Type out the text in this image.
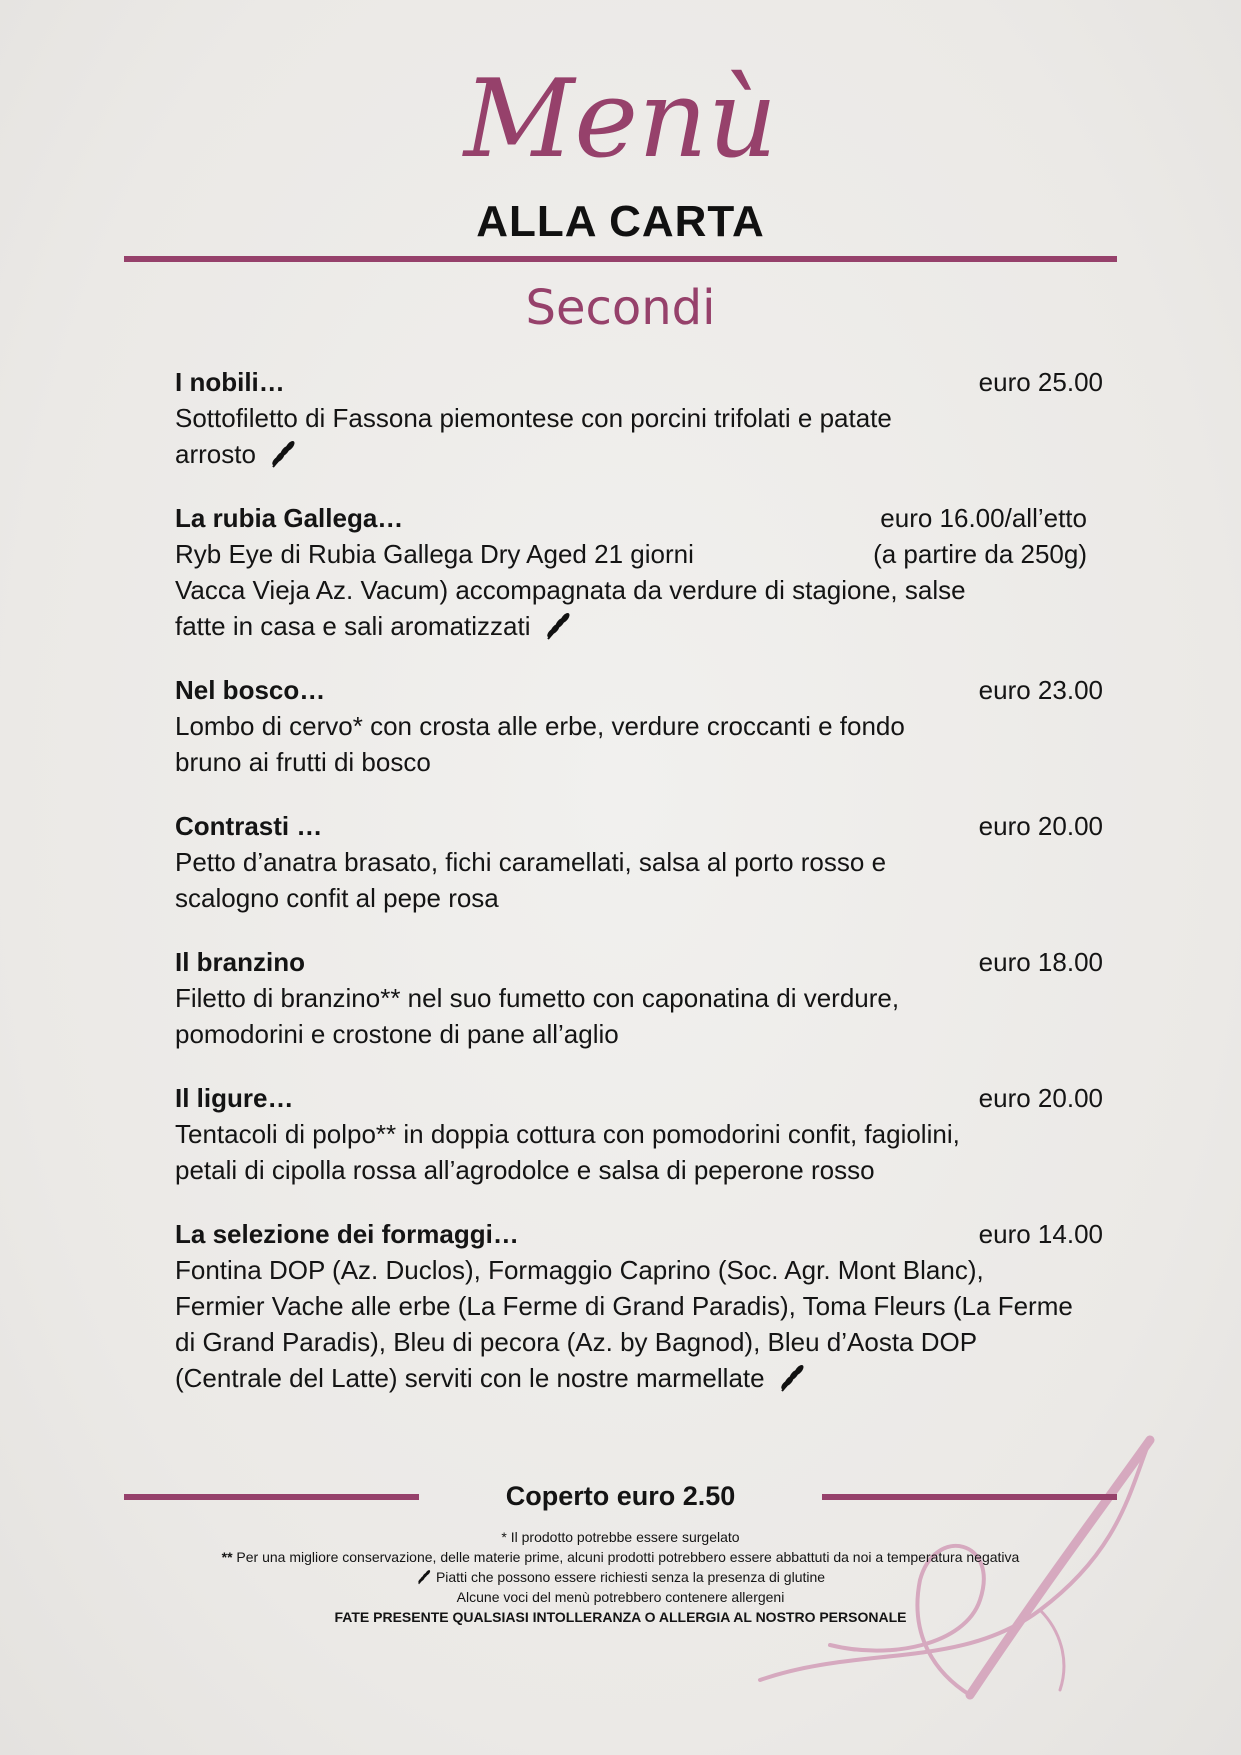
Menù
ALLA CARTA
Secondi
I nobili…	euro 25.00
Sottofiletto di Fassona piemontese con porcini trifolati e patate arrosto
La rubia Gallega…	euro 16.00/all’etto
Ryb Eye di Rubia Gallega Dry Aged 21 giorni	(a partire da 250g)
Vacca Vieja Az. Vacum) accompagnata da verdure di stagione, salse fatte in casa e sali aromatizzati
Nel bosco…	euro 23.00
Lombo di cervo* con crosta alle erbe, verdure croccanti e fondo bruno ai frutti di bosco
Contrasti …	euro 20.00
Petto d’anatra brasato, fichi caramellati, salsa al porto rosso e scalogno confit al pepe rosa
Il branzino	euro 18.00
Filetto di branzino** nel suo fumetto con caponatina di verdure, pomodorini e crostone di pane all’aglio
Il ligure…	euro 20.00
Tentacoli di polpo** in doppia cottura con pomodorini confit, fagiolini, petali di cipolla rossa all’agrodolce e salsa di peperone rosso
La selezione dei formaggi…	euro 14.00
Fontina DOP (Az. Duclos), Formaggio Caprino (Soc. Agr. Mont Blanc), Fermier Vache alle erbe (La Ferme di Grand Paradis), Toma Fleurs (La Ferme di Grand Paradis), Bleu di pecora (Az. by Bagnod), Bleu d’Aosta DOP (Centrale del Latte) serviti con le nostre marmellate
Coperto euro 2.50
* Il prodotto potrebbe essere surgelato
** Per una migliore conservazione, delle materie prime, alcuni prodotti potrebbero essere abbattuti da noi a temperatura negativa
Piatti che possono essere richiesti senza la presenza di glutine
Alcune voci del menù potrebbero contenere allergeni
FATE PRESENTE QUALSIASI INTOLLERANZA O ALLERGIA AL NOSTRO PERSONALE
